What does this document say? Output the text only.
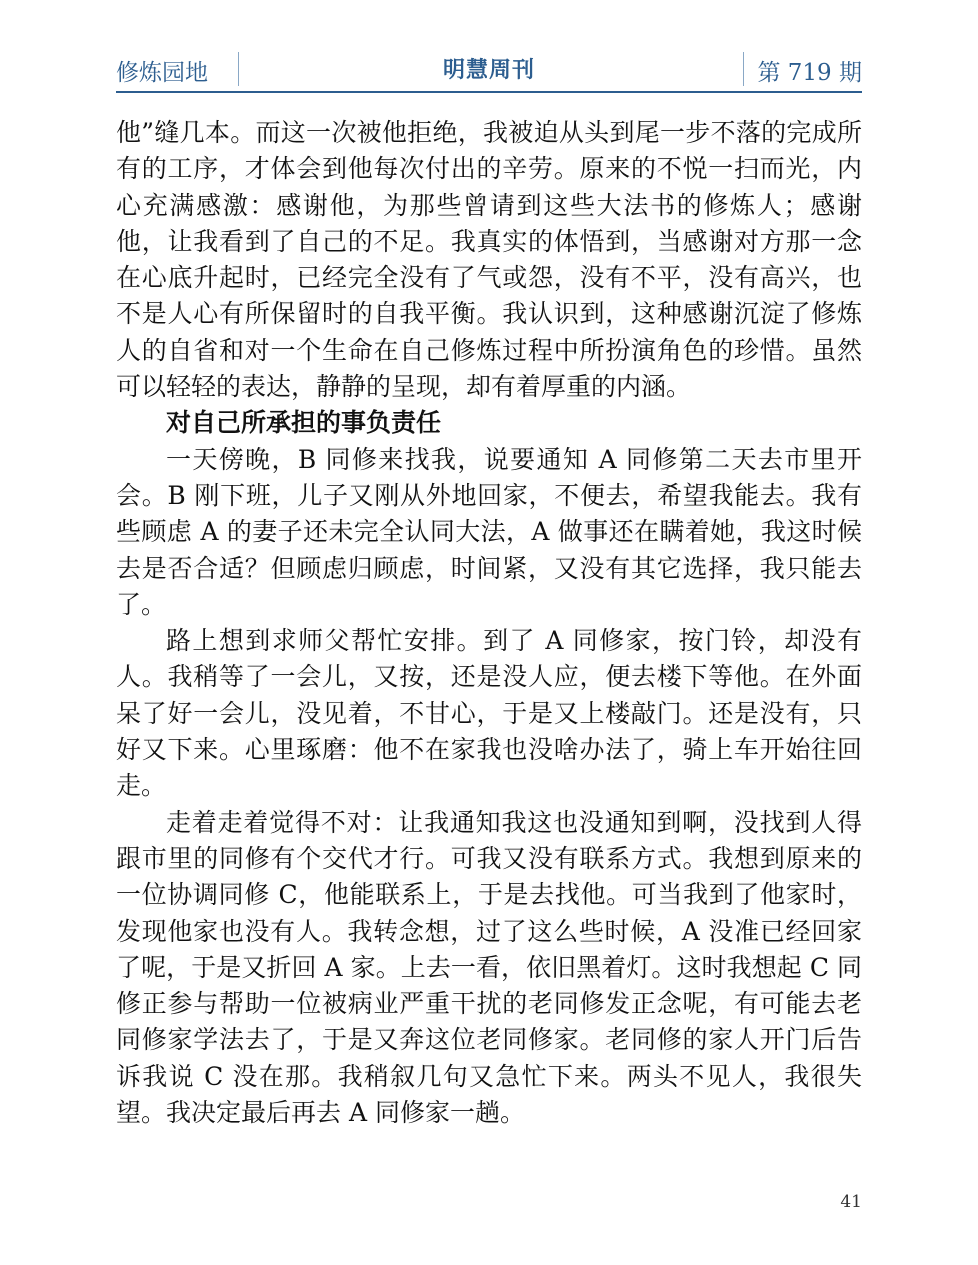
修炼园地	明慧周刊	第 719 期

他”缝几本。而这一次被他拒绝，我被迫从头到尾一步不落的完成所有的工序，才体会到他每次付出的辛劳。原来的不悦一扫而光，内心充满感激：感谢他，为那些曾请到这些大法书的修炼人；感谢他，让我看到了自己的不足。我真实的体悟到，当感谢对方那一念在心底升起时，已经完全没有了气或怨，没有不平，没有高兴，也不是人心有所保留时的自我平衡。我认识到，这种感谢沉淀了修炼人的自省和对一个生命在自己修炼过程中所扮演角色的珍惜。虽然可以轻轻的表达，静静的呈现，却有着厚重的内涵。

对自己所承担的事负责任

一天傍晚，B 同修来找我，说要通知 A 同修第二天去市里开会。B 刚下班，儿子又刚从外地回家，不便去，希望我能去。我有些顾虑 A 的妻子还未完全认同大法，A 做事还在瞒着她，我这时候去是否合适？但顾虑归顾虑，时间紧，又没有其它选择，我只能去了。

路上想到求师父帮忙安排。到了 A 同修家，按门铃，却没有人。我稍等了一会儿，又按，还是没人应，便去楼下等他。在外面呆了好一会儿，没见着，不甘心，于是又上楼敲门。还是没有，只好又下来。心里琢磨：他不在家我也没啥办法了，骑上车开始往回走。

走着走着觉得不对：让我通知我这也没通知到啊，没找到人得跟市里的同修有个交代才行。可我又没有联系方式。我想到原来的一位协调同修 C，他能联系上，于是去找他。可当我到了他家时，发现他家也没有人。我转念想，过了这么些时候，A 没准已经回家了呢，于是又折回 A 家。上去一看，依旧黑着灯。这时我想起 C 同修正参与帮助一位被病业严重干扰的老同修发正念呢，有可能去老同修家学法去了，于是又奔这位老同修家。老同修的家人开门后告诉我说 C 没在那。我稍叙几句又急忙下来。两头不见人，我很失望。我决定最后再去 A 同修家一趟。

41
